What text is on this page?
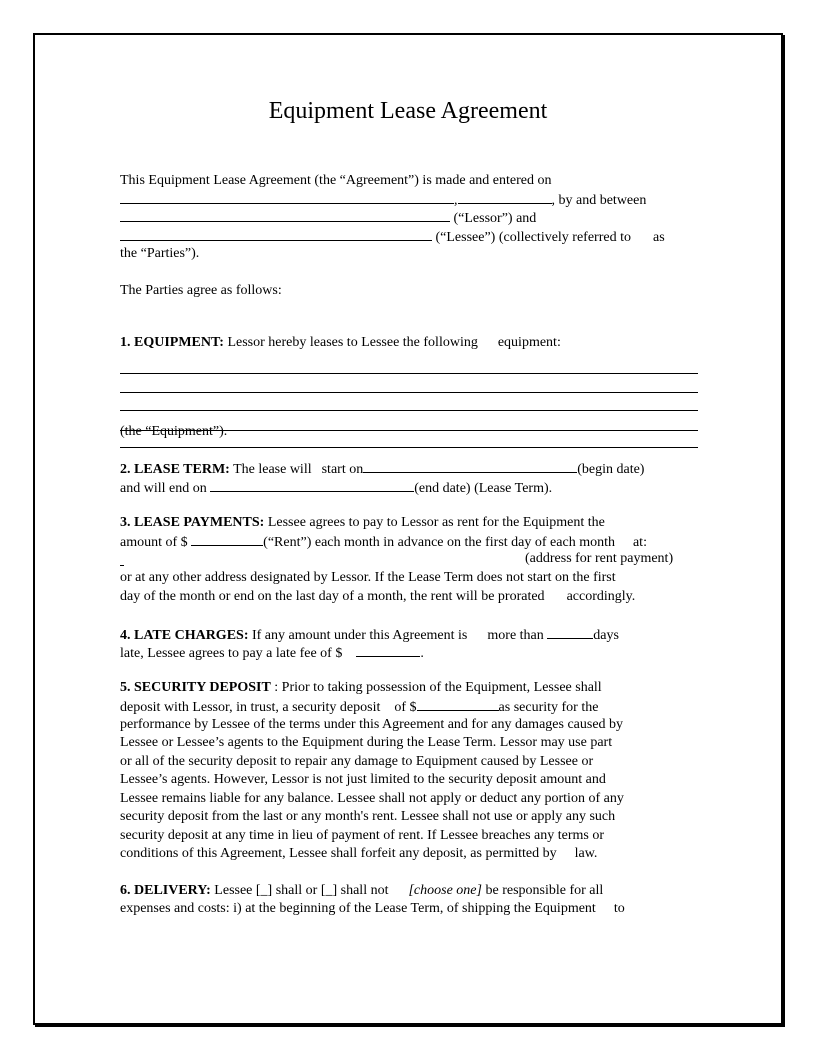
Equipment Lease Agreement
This Equipment Lease Agreement (the “Agreement”) is made and entered on
,	, by and between
(“Lessor”) and
(“Lessee”) (collectively referred to as
the “Parties”).
The Parties agree as follows:
1. EQUIPMENT: Lessor hereby leases to Lessee the following equipment:
(the “Equipment”).
2. LEASE TERM: The lease will start on	(begin date)
and will end on	(end date) (Lease Term).
3. LEASE PAYMENTS: Lessee agrees to pay to Lessor as rent for the Equipment the
amount of $	(“Rent”) each month in advance on the first day of each month at:
(address for rent payment)
or at any other address designated by Lessor. If the Lease Term does not start on the first
day of the month or end on the last day of a month, the rent will be prorated accordingly.
4. LATE CHARGES: If any amount under this Agreement is more than	days
late, Lessee agrees to pay a late fee of $	.
5. SECURITY DEPOSIT : Prior to taking possession of the Equipment, Lessee shall
deposit with Lessor, in trust, a security deposit of $	as security for the
performance by Lessee of the terms under this Agreement and for any damages caused by
Lessee or Lessee’s agents to the Equipment during the Lease Term. Lessor may use part
or all of the security deposit to repair any damage to Equipment caused by Lessee or
Lessee’s agents. However, Lessor is not just limited to the security deposit amount and
Lessee remains liable for any balance. Lessee shall not apply or deduct any portion of any
security deposit from the last or any month's rent. Lessee shall not use or apply any such
security deposit at any time in lieu of payment of rent. If Lessee breaches any terms or
conditions of this Agreement, Lessee shall forfeit any deposit, as permitted by law.
6. DELIVERY: Lessee [_] shall or [_] shall not [choose one] be responsible for all
expenses and costs: i) at the beginning of the Lease Term, of shipping the Equipment to
